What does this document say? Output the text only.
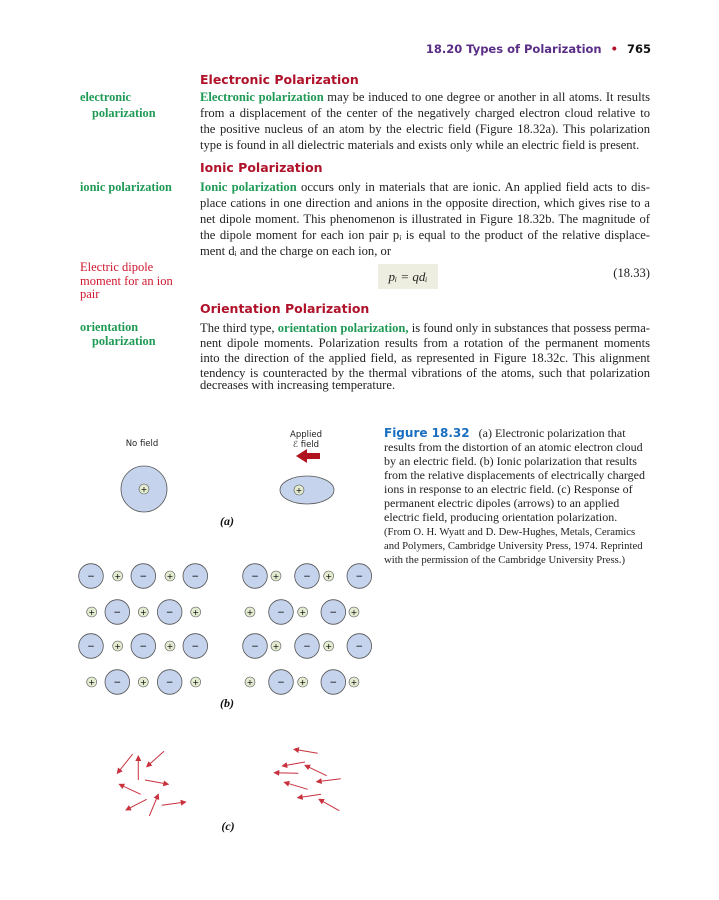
18.20 Types of Polarization • 765
Electronic Polarization
electronic
polarization
Electronic polarization may be induced to one degree or another in all atoms. It results
from a displacement of the center of the negatively charged electron cloud relative to
the positive nucleus of an atom by the electric field (Figure 18.32a). This polarization
type is found in all dielectric materials and exists only while an electric field is present.
Ionic Polarization
ionic polarization Ionic polarization occurs only in materials that are ionic. An applied field acts to dis-
place cations in one direction and anions in the opposite direction, which gives rise to a
net dipole moment. This phenomenon is illustrated in Figure 18.32b. The magnitude of
the dipole moment for each ion pair pᵢ is equal to the product of the relative displace-
ment dᵢ and the charge on each ion, or
Electric dipole
moment for an ion
pair
pᵢ = qdᵢ	(18.33)
Orientation Polarization
orientation
polarization
The third type, orientation polarization, is found only in substances that possess perma-
nent dipole moments. Polarization results from a rotation of the permanent moments
into the direction of the applied field, as represented in Figure 18.32c. This alignment
tendency is counteracted by the thermal vibrations of the atoms, such that polarization
decreases with increasing temperature.
Figure 18.32 (a) Electronic polarization that
results from the distortion of an atomic electron cloud
by an electric field. (b) Ionic polarization that results
from the relative displacements of electrically charged
ions in response to an electric field. (c) Response of
permanent electric dipoles (arrows) to an applied
electric field, producing orientation polarization.
(From O. H. Wyatt and D. Dew-Hughes, Metals, Ceramics
and Polymers, Cambridge University Press, 1974. Reprinted
with the permission of the Cambridge University Press.)
No field
Applied
ℰ field
+	+
(a)
(b)
−	−	−
+	+	−	−	−
+	+
−	−	−
+	+	−	−	−
+	+
+	+	+
−	−	+	+	+
−	−
+	+	+
−	−	+	+	+
−	−
(c)
